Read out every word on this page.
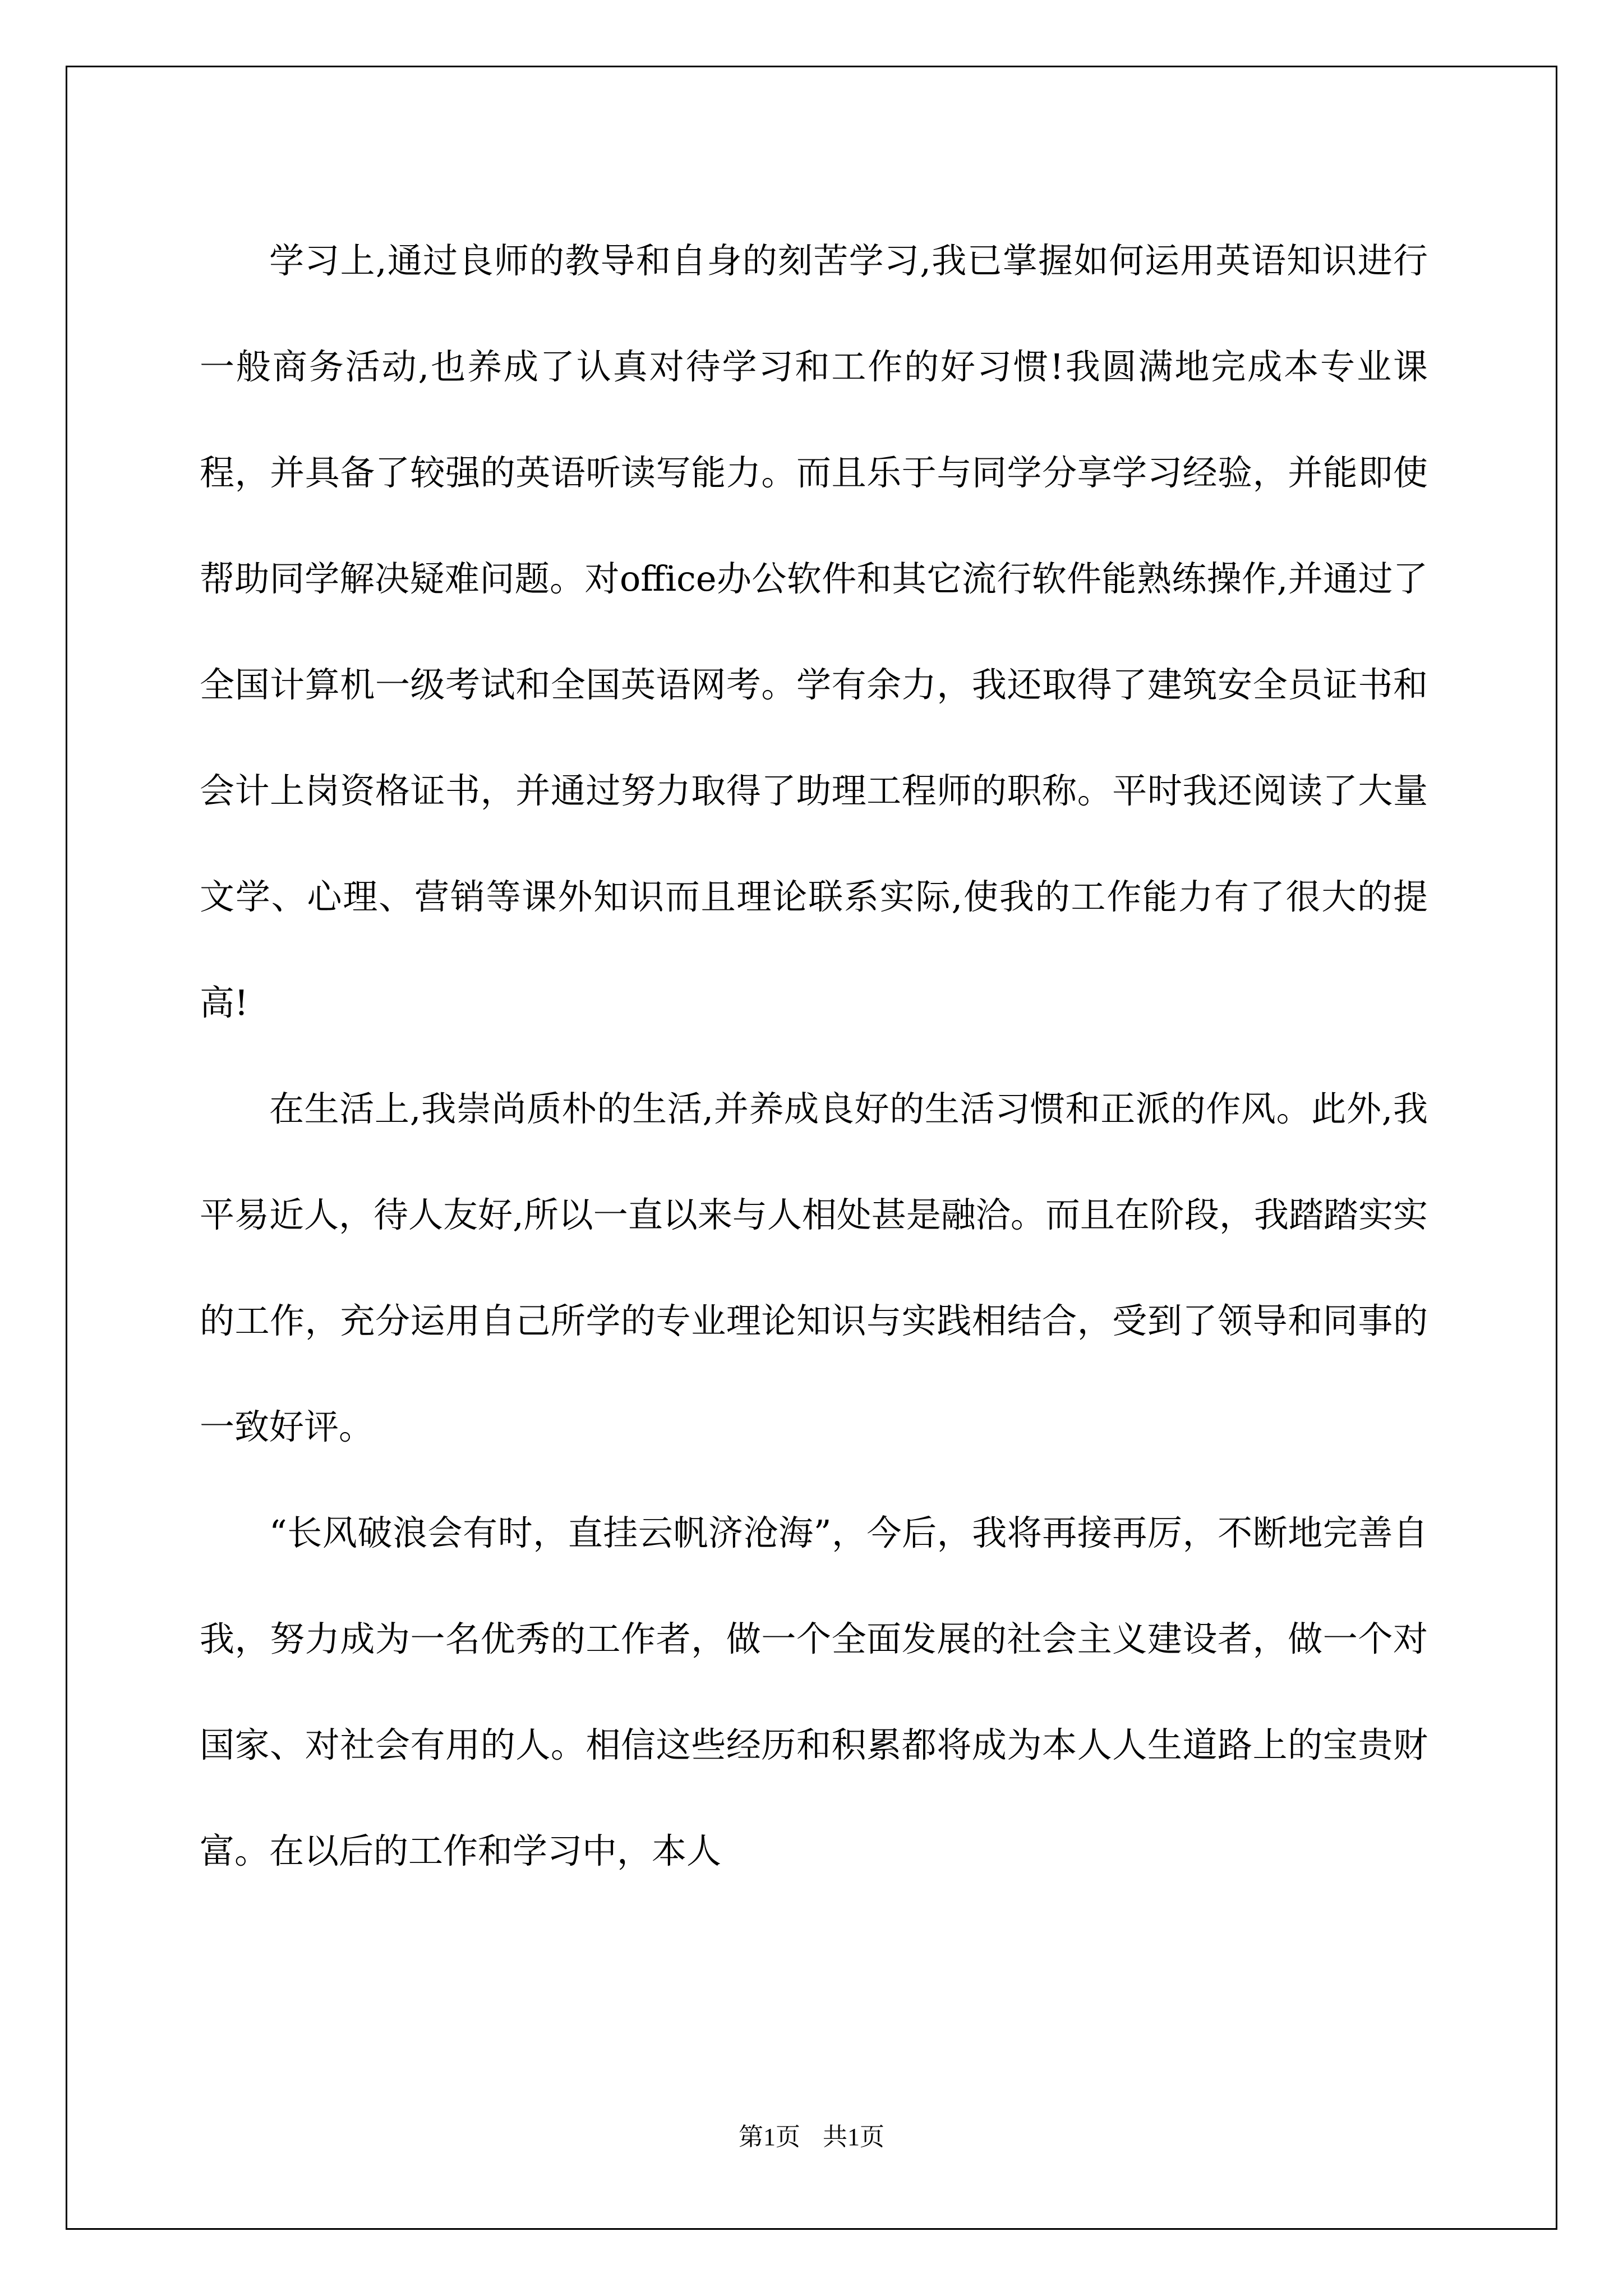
学习上,通过良师的教导和自身的刻苦学习,我已掌握如何运用英语知识进行一般商务活动,也养成了认真对待学习和工作的好习惯!我圆满地完成本专业课程，并具备了较强的英语听读写能力。而且乐于与同学分享学习经验，并能即使帮助同学解决疑难问题。对office办公软件和其它流行软件能熟练操作,并通过了全国计算机一级考试和全国英语网考。学有余力，我还取得了建筑安全员证书和会计上岗资格证书，并通过努力取得了助理工程师的职称。平时我还阅读了大量文学、心理、营销等课外知识而且理论联系实际,使我的工作能力有了很大的提高!

在生活上,我崇尚质朴的生活,并养成良好的生活习惯和正派的作风。此外,我平易近人，待人友好,所以一直以来与人相处甚是融洽。而且在阶段，我踏踏实实的工作，充分运用自己所学的专业理论知识与实践相结合，受到了领导和同事的一致好评。

“长风破浪会有时，直挂云帆济沧海”，今后，我将再接再厉，不断地完善自我，努力成为一名优秀的工作者，做一个全面发展的社会主义建设者，做一个对国家、对社会有用的人。相信这些经历和积累都将成为本人人生道路上的宝贵财富。在以后的工作和学习中，本人

第1页 共1页
